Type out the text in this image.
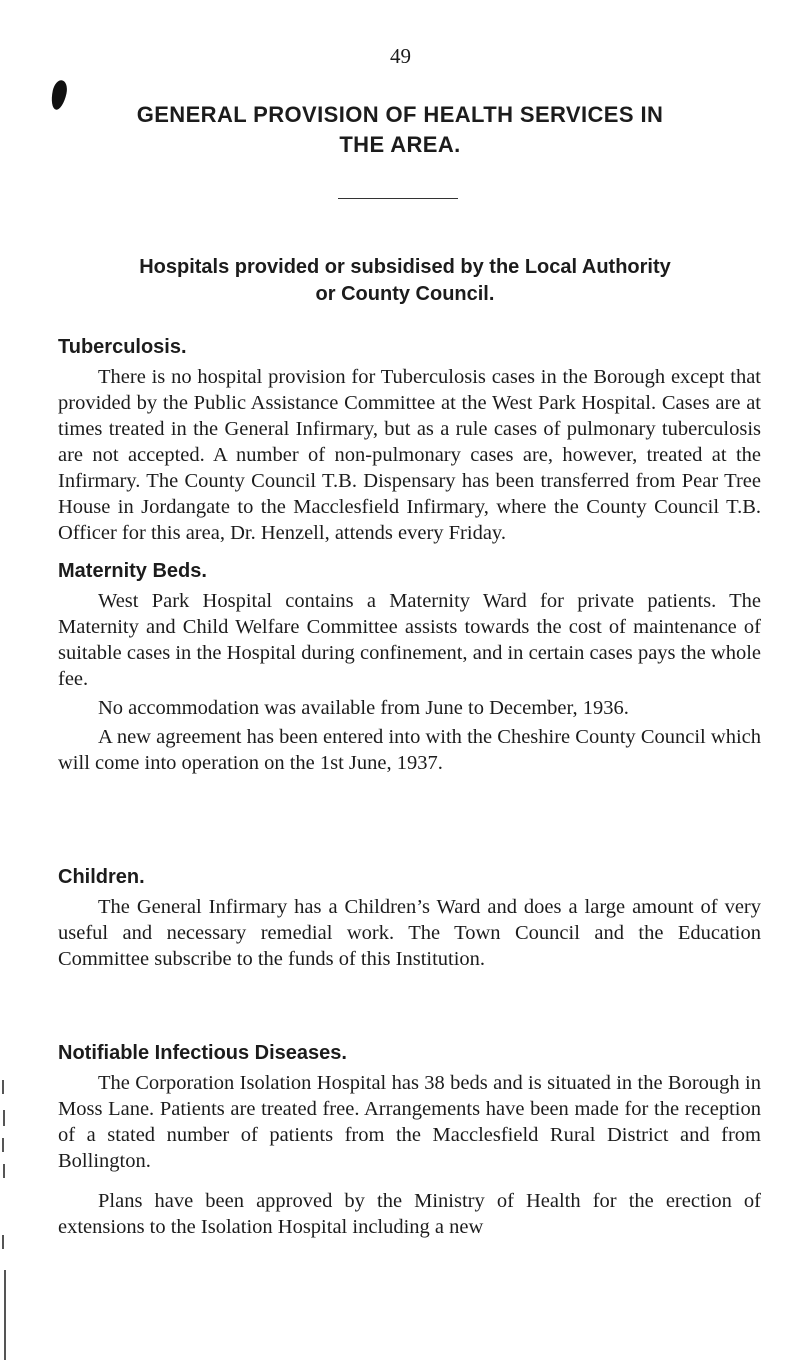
49
GENERAL PROVISION OF HEALTH SERVICES IN
THE AREA.
Hospitals provided or subsidised by the Local Authority
or County Council.
Tuberculosis.

There is no hospital provision for Tuberculosis cases in the Borough except that provided by the Public Assistance Committee at the West Park Hospital. Cases are at times treated in the General Infirmary, but as a rule cases of pulmonary tuberculosis are not accepted. A number of non-pulmonary cases are, however, treated at the Infirmary. The County Council T.B. Dispensary has been transferred from Pear Tree House in Jordangate to the Macclesfield Infirmary, where the County Council T.B. Officer for this area, Dr. Henzell, attends every Friday.

Maternity Beds.

West Park Hospital contains a Maternity Ward for private patients. The Maternity and Child Welfare Committee assists towards the cost of maintenance of suitable cases in the Hospital during confinement, and in certain cases pays the whole fee.

No accommodation was available from June to December, 1936.

A new agreement has been entered into with the Cheshire County Council which will come into operation on the 1st June, 1937.

Children.

The General Infirmary has a Children’s Ward and does a large amount of very useful and necessary remedial work. The Town Council and the Education Committee subscribe to the funds of this Institution.

Notifiable Infectious Diseases.

The Corporation Isolation Hospital has 38 beds and is situated in the Borough in Moss Lane. Patients are treated free. Arrangements have been made for the reception of a stated number of patients from the Macclesfield Rural District and from Bollington.

Plans have been approved by the Ministry of Health for the erection of extensions to the Isolation Hospital including a new
